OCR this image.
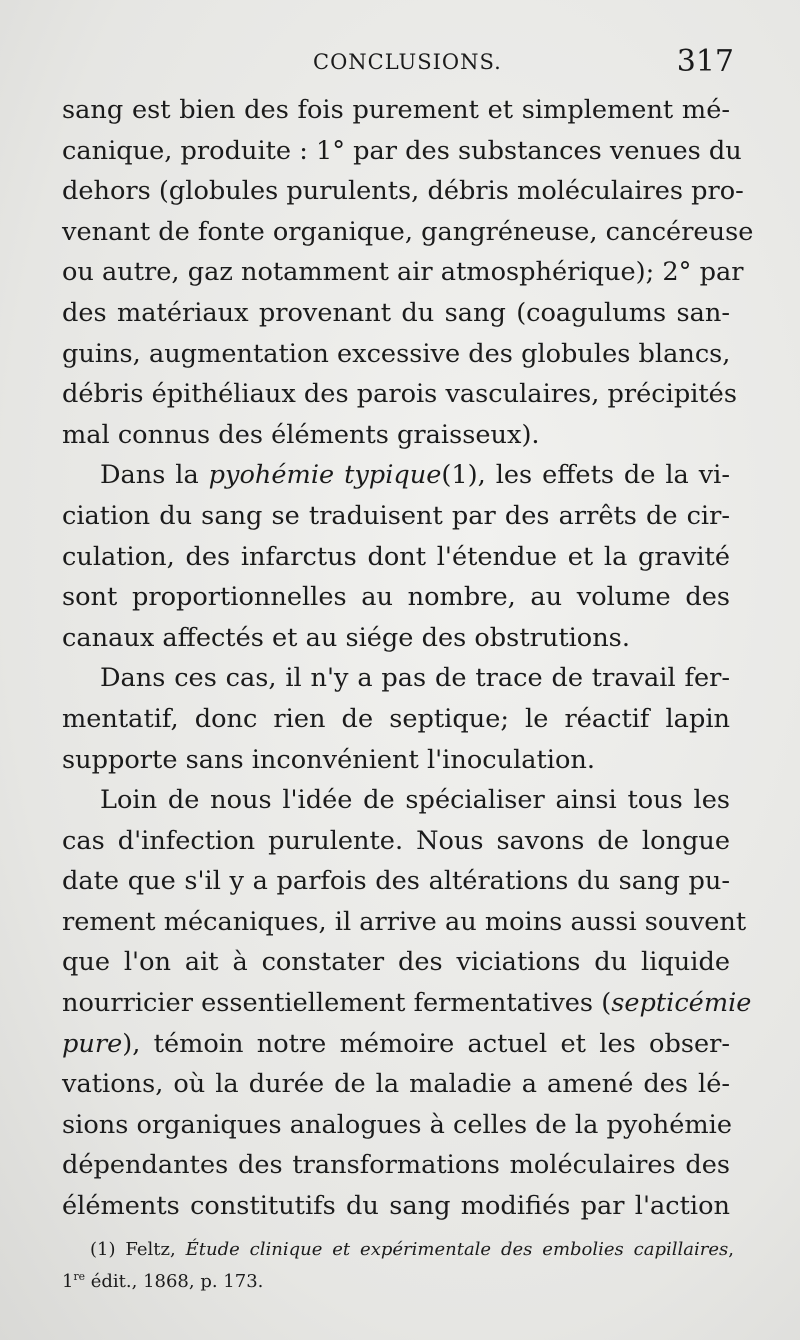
CONCLUSIONS.	317

sang est bien des fois purement et simplement mé-
canique, produite : 1° par des substances venues du
dehors (globules purulents, débris moléculaires pro-
venant de fonte organique, gangréneuse, cancéreuse
ou autre, gaz notamment air atmosphérique); 2° par
des matériaux provenant du sang (coagulums san-
guins, augmentation excessive des globules blancs,
débris épithéliaux des parois vasculaires, précipités
mal connus des éléments graisseux).

Dans la pyohémie typique(1), les effets de la vi-
ciation du sang se traduisent par des arrêts de cir-
culation, des infarctus dont l'étendue et la gravité
sont proportionnelles au nombre, au volume des
canaux affectés et au siége des obstrutions.

Dans ces cas, il n'y a pas de trace de travail fer-
mentatif, donc rien de septique; le réactif lapin
supporte sans inconvénient l'inoculation.

Loin de nous l'idée de spécialiser ainsi tous les
cas d'infection purulente. Nous savons de longue
date que s'il y a parfois des altérations du sang pu-
rement mécaniques, il arrive au moins aussi souvent
que l'on ait à constater des viciations du liquide
nourricier essentiellement fermentatives (septicémie
pure), témoin notre mémoire actuel et les obser-
vations, où la durée de la maladie a amené des lé-
sions organiques analogues à celles de la pyohémie
dépendantes des transformations moléculaires des
éléments constitutifs du sang modifiés par l'action

(1) Feltz, Étude clinique et expérimentale des embolies capillaires,
1re édit., 1868, p. 173.
